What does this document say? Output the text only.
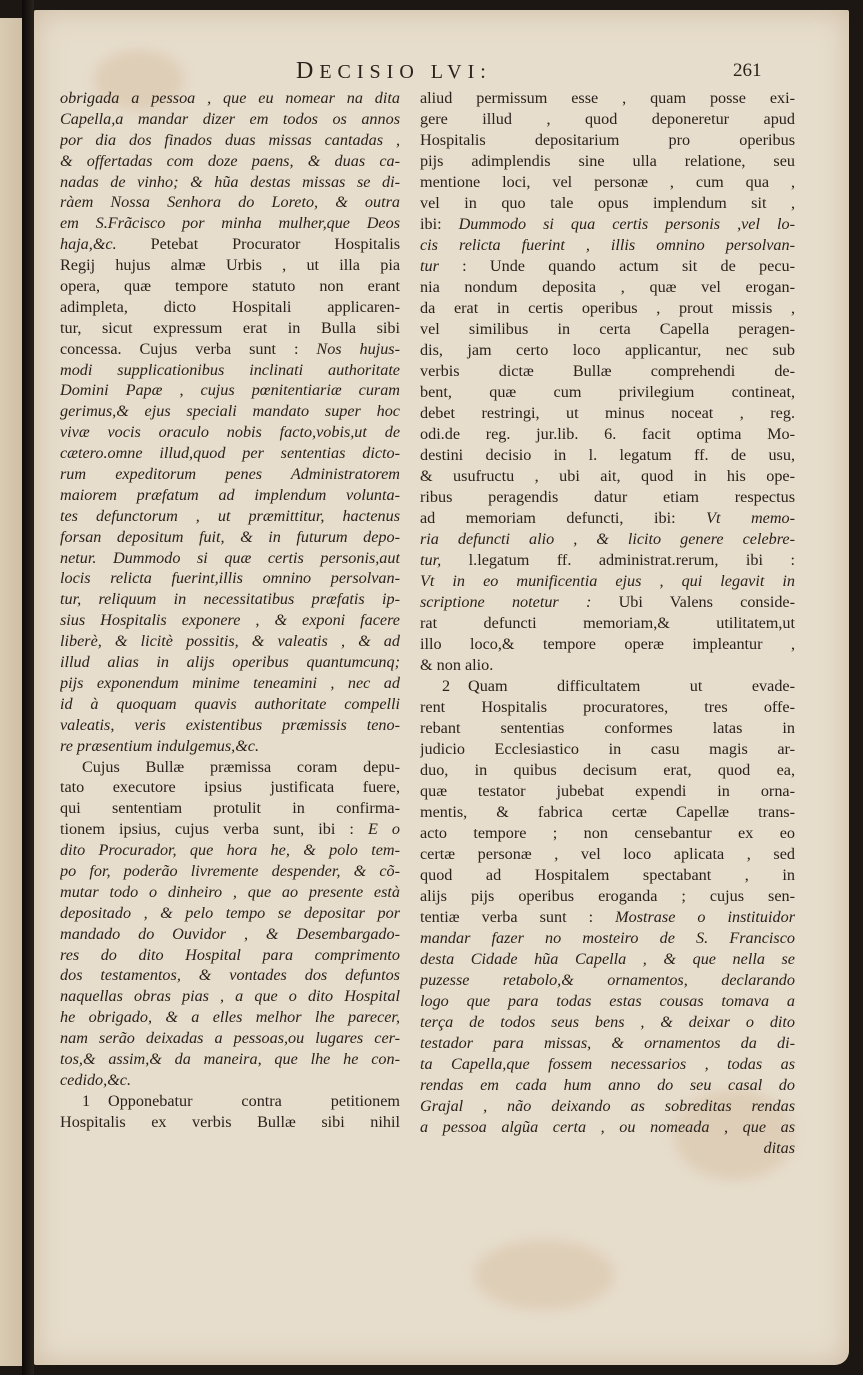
DECISIO LVI:	261
obrigada a pessoa , que eu nomear na dita
Capella,a mandar dizer em todos os annos
por dia dos finados duas missas cantadas ,
& offertadas com doze paens, & duas ca-
nadas de vinho; & hũa destas missas se di-
ràem Nossa Senhora do Loreto, & outra
em S.Frãcisco por minha mulher,que Deos
haja,&c. Petebat Procurator Hospitalis
Regij hujus almæ Urbis , ut illa pia
opera, quæ tempore statuto non erant
adimpleta, dicto Hospitali applicaren-
tur, sicut expressum erat in Bulla sibi
concessa. Cujus verba sunt : Nos hujus-
modi supplicationibus inclinati authoritate
Domini Papæ , cujus pœnitentiariæ curam
gerimus,& ejus speciali mandato super hoc
vivæ vocis oraculo nobis facto,vobis,ut de
cætero.omne illud,quod per sententias dicto-
rum expeditorum penes Administratorem
maiorem præfatum ad implendum volunta-
tes defunctorum , ut præmittitur, hactenus
forsan depositum fuit, & in futurum depo-
netur. Dummodo si quæ certis personis,aut
locis relicta fuerint,illis omnino persolvan-
tur, reliquum in necessitatibus præfatis ip-
sius Hospitalis exponere , & exponi facere
liberè, & licitè possitis, & valeatis , & ad
illud alias in alijs operibus quantumcunq;
pijs exponendum minime teneamini , nec ad
id à quoquam quavis authoritate compelli
valeatis, veris existentibus præmissis teno-
re præsentium indulgemus,&c.
Cujus Bullæ præmissa coram depu-
tato executore ipsius justificata fuere,
qui sententiam protulit in confirma-
tionem ipsius, cujus verba sunt, ibi : E o
dito Procurador, que hora he, & polo tem-
po for, poderão livremente despender, & cõ-
mutar todo o dinheiro , que ao presente està
depositado , & pelo tempo se depositar por
mandado do Ouvidor , & Desembargado-
res do dito Hospital para comprimento
dos testamentos, & vontades dos defuntos
naquellas obras pias , a que o dito Hospital
he obrigado, & a elles melhor lhe parecer,
nam serão deixadas a pessoas,ou lugares cer-
tos,& assim,& da maneira, que lhe he con-
cedido,&c.
1 Opponebatur contra petitionem
Hospitalis ex verbis Bullæ sibi nihil
aliud permissum esse , quam posse exi-
gere illud , quod deponeretur apud
Hospitalis depositarium pro operibus
pijs adimplendis sine ulla relatione, seu
mentione loci, vel personæ , cum qua ,
vel in quo tale opus implendum sit ,
ibi: Dummodo si qua certis personis ,vel lo-
cis relicta fuerint , illis omnino persolvan-
tur : Unde quando actum sit de pecu-
nia nondum deposita , quæ vel erogan-
da erat in certis operibus , prout missis ,
vel similibus in certa Capella peragen-
dis, jam certo loco applicantur, nec sub
verbis dictæ Bullæ comprehendi de-
bent, quæ cum privilegium contineat,
debet restringi, ut minus noceat , reg.
odi.de reg. jur.lib. 6. facit optima Mo-
destini decisio in l. legatum ff. de usu,
& usufructu , ubi ait, quod in his ope-
ribus peragendis datur etiam respectus
ad memoriam defuncti, ibi: Vt memo-
ria defuncti alio , & licito genere celebre-
tur, l.legatum ff. administrat.rerum, ibi :
Vt in eo munificentia ejus , qui legavit in
scriptione notetur : Ubi Valens conside-
rat defuncti memoriam,& utilitatem,ut
illo loco,& tempore operæ impleantur ,
& non alio.
2 Quam difficultatem ut evade-
rent Hospitalis procuratores, tres offe-
rebant sententias conformes latas in
judicio Ecclesiastico in casu magis ar-
duo, in quibus decisum erat, quod ea,
quæ testator jubebat expendi in orna-
mentis, & fabrica certæ Capellæ trans-
acto tempore ; non censebantur ex eo
certæ personæ , vel loco aplicata , sed
quod ad Hospitalem spectabant , in
alijs pijs operibus eroganda ; cujus sen-
tentiæ verba sunt : Mostrase o instituidor
mandar fazer no mosteiro de S. Francisco
desta Cidade hũa Capella , & que nella se
puzesse retabolo,& ornamentos, declarando
logo que para todas estas cousas tomava a
terça de todos seus bens , & deixar o dito
testador para missas, & ornamentos da di-
ta Capella,que fossem necessarios , todas as
rendas em cada hum anno do seu casal do
Grajal , não deixando as sobreditas rendas
a pessoa algũa certa , ou nomeada , que as
ditas
